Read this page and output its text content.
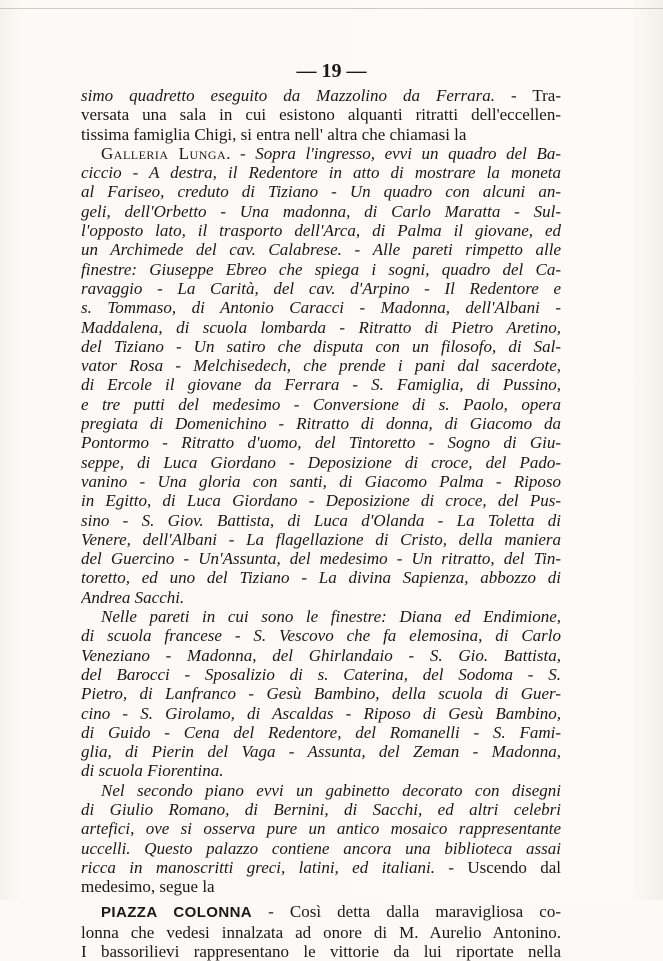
— 19 —
simo quadretto eseguito da Mazzolino da Ferrara. - Tra-
versata una sala in cui esistono alquanti ritratti dell'eccellen-
tissima famiglia Chigi, si entra nell' altra che chiamasi la
Galleria Lunga. - Sopra l'ingresso, evvi un quadro del Ba-
ciccio - A destra, il Redentore in atto di mostrare la moneta
al Fariseo, creduto di Tiziano - Un quadro con alcuni an-
geli, dell'Orbetto - Una madonna, di Carlo Maratta - Sul-
l'opposto lato, il trasporto dell'Arca, di Palma il giovane, ed
un Archimede del cav. Calabrese. - Alle pareti rimpetto alle
finestre: Giuseppe Ebreo che spiega i sogni, quadro del Ca-
ravaggio - La Carità, del cav. d'Arpino - Il Redentore e
s. Tommaso, di Antonio Caracci - Madonna, dell'Albani -
Maddalena, di scuola lombarda - Ritratto di Pietro Aretino,
del Tiziano - Un satiro che disputa con un filosofo, di Sal-
vator Rosa - Melchisedech, che prende i pani dal sacerdote,
di Ercole il giovane da Ferrara - S. Famiglia, di Pussino,
e tre putti del medesimo - Conversione di s. Paolo, opera
pregiata di Domenichino - Ritratto di donna, di Giacomo da
Pontormo - Ritratto d'uomo, del Tintoretto - Sogno di Giu-
seppe, di Luca Giordano - Deposizione di croce, del Pado-
vanino - Una gloria con santi, di Giacomo Palma - Riposo
in Egitto, di Luca Giordano - Deposizione di croce, del Pus-
sino - S. Giov. Battista, di Luca d'Olanda - La Toletta di
Venere, dell'Albani - La flagellazione di Cristo, della maniera
del Guercino - Un'Assunta, del medesimo - Un ritratto, del Tin-
toretto, ed uno del Tiziano - La divina Sapienza, abbozzo di
Andrea Sacchi.
Nelle pareti in cui sono le finestre: Diana ed Endimione,
di scuola francese - S. Vescovo che fa elemosina, di Carlo
Veneziano - Madonna, del Ghirlandaio - S. Gio. Battista,
del Barocci - Sposalizio di s. Caterina, del Sodoma - S.
Pietro, di Lanfranco - Gesù Bambino, della scuola di Guer-
cino - S. Girolamo, di Ascaldas - Riposo di Gesù Bambino,
di Guido - Cena del Redentore, del Romanelli - S. Fami-
glia, di Pierin del Vaga - Assunta, del Zeman - Madonna,
di scuola Fiorentina.
Nel secondo piano evvi un gabinetto decorato con disegni
di Giulio Romano, di Bernini, di Sacchi, ed altri celebri
artefici, ove si osserva pure un antico mosaico rappresentante
uccelli. Questo palazzo contiene ancora una biblioteca assai
ricca in manoscritti greci, latini, ed italiani. - Uscendo dal
medesimo, segue la
PIAZZA COLONNA - Così detta dalla maravigliosa co-
lonna che vedesi innalzata ad onore di M. Aurelio Antonino.
I bassorilievi rappresentano le vittorie da lui riportate nella
